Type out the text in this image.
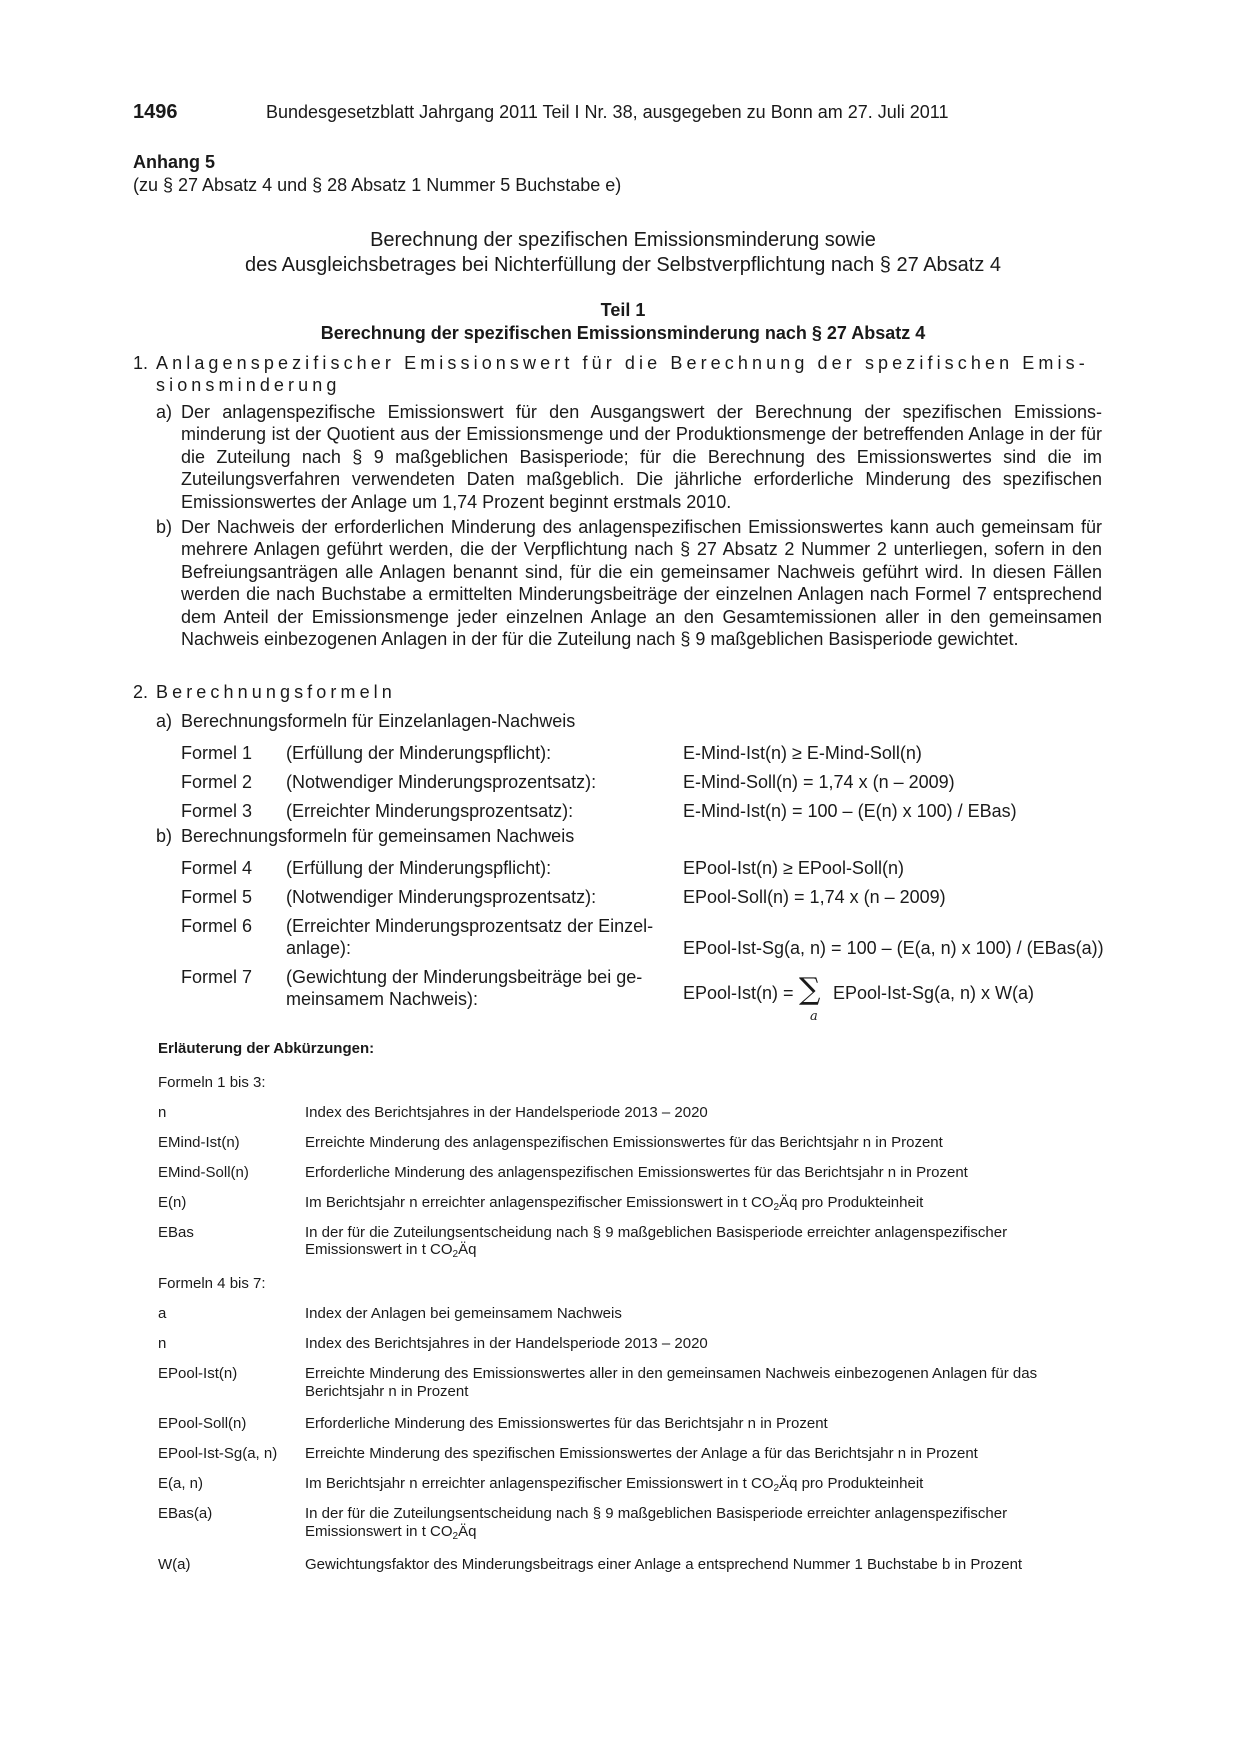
1496	Bundesgesetzblatt Jahrgang 2011 Teil I Nr. 38, ausgegeben zu Bonn am 27. Juli 2011
Anhang 5
(zu § 27 Absatz 4 und § 28 Absatz 1 Nummer 5 Buchstabe e)
Berechnung der spezifischen Emissionsminderung sowie
des Ausgleichsbetrages bei Nichterfüllung der Selbstverpflichtung nach § 27 Absatz 4
Teil 1
Berechnung der spezifischen Emissionsminderung nach § 27 Absatz 4
1. Anlagenspezifischer Emissionswert für die Berechnung der spezifischen Emis-
sionsminderung
a) Der anlagenspezifische Emissionswert für den Ausgangswert der Berechnung der spezifischen Emissionsminderung ist der Quotient aus der Emissionsmenge und der Produktionsmenge der betreffenden Anlage in der für die Zuteilung nach § 9 maßgeblichen Basisperiode; für die Berechnung des Emissionswertes sind die im Zuteilungsverfahren verwendeten Daten maßgeblich. Die jährliche erforderliche Minderung des spezifischen Emissionswertes der Anlage um 1,74 Prozent beginnt erstmals 2010.
b) Der Nachweis der erforderlichen Minderung des anlagenspezifischen Emissionswertes kann auch gemeinsam für mehrere Anlagen geführt werden, die der Verpflichtung nach § 27 Absatz 2 Nummer 2 unterliegen, sofern in den Befreiungsanträgen alle Anlagen benannt sind, für die ein gemeinsamer Nachweis geführt wird. In diesen Fällen werden die nach Buchstabe a ermittelten Minderungsbeiträge der einzelnen Anlagen nach Formel 7 entsprechend dem Anteil der Emissionsmenge jeder einzelnen Anlage an den Gesamtemissionen aller in den gemeinsamen Nachweis einbezogenen Anlagen in der für die Zuteilung nach § 9 maßgeblichen Basisperiode gewichtet.
2. Berechnungsformeln
a) Berechnungsformeln für Einzelanlagen-Nachweis
Formel 1 (Erfüllung der Minderungspflicht):	E-Mind-Ist(n) ≥ E-Mind-Soll(n)
Formel 2 (Notwendiger Minderungsprozentsatz):	E-Mind-Soll(n) = 1,74 x (n – 2009)
Formel 3 (Erreichter Minderungsprozentsatz):	E-Mind-Ist(n) = 100 – (E(n) x 100) / EBas)
b) Berechnungsformeln für gemeinsamen Nachweis
Formel 4 (Erfüllung der Minderungspflicht):	EPool-Ist(n) ≥ EPool-Soll(n)
Formel 5 (Notwendiger Minderungsprozentsatz):	EPool-Soll(n) = 1,74 x (n – 2009)
Formel 6 (Erreichter Minderungsprozentsatz der Einzel-
anlage):	EPool-Ist-Sg(a, n) = 100 – (E(a, n) x 100) / (EBas(a))
Formel 7 (Gewichtung der Minderungsbeiträge bei ge-
meinsamem Nachweis):	EPool-Ist(n) = ∑
a
EPool-Ist-Sg(a, n) x W(a)
Erläuterung der Abkürzungen:
Formeln 1 bis 3:
n	Index des Berichtsjahres in der Handelsperiode 2013 – 2020
EMind-Ist(n)	Erreichte Minderung des anlagenspezifischen Emissionswertes für das Berichtsjahr n in Prozent
EMind-Soll(n)	Erforderliche Minderung des anlagenspezifischen Emissionswertes für das Berichtsjahr n in Prozent
E(n)	Im Berichtsjahr n erreichter anlagenspezifischer Emissionswert in t $CO_2Äq$ pro Produkteinheit
EBas	In der für die Zuteilungsentscheidung nach § 9 maßgeblichen Basisperiode erreichter anlagenspezifischer
Emissionswert in t $CO_2Äq$
Formeln 4 bis 7:
a	Index der Anlagen bei gemeinsamem Nachweis
n	Index des Berichtsjahres in der Handelsperiode 2013 – 2020
EPool-Ist(n)	Erreichte Minderung des Emissionswertes aller in den gemeinsamen Nachweis einbezogenen Anlagen für das
Berichtsjahr n in Prozent
EPool-Soll(n)	Erforderliche Minderung des Emissionswertes für das Berichtsjahr n in Prozent
EPool-Ist-Sg(a, n) Erreichte Minderung des spezifischen Emissionswertes der Anlage a für das Berichtsjahr n in Prozent
E(a, n)	Im Berichtsjahr n erreichter anlagenspezifischer Emissionswert in t $CO_2Äq$ pro Produkteinheit
EBas(a)	In der für die Zuteilungsentscheidung nach § 9 maßgeblichen Basisperiode erreichter anlagenspezifischer
Emissionswert in t $CO_2Äq$
W(a)	Gewichtungsfaktor des Minderungsbeitrags einer Anlage a entsprechend Nummer 1 Buchstabe b in Prozent
